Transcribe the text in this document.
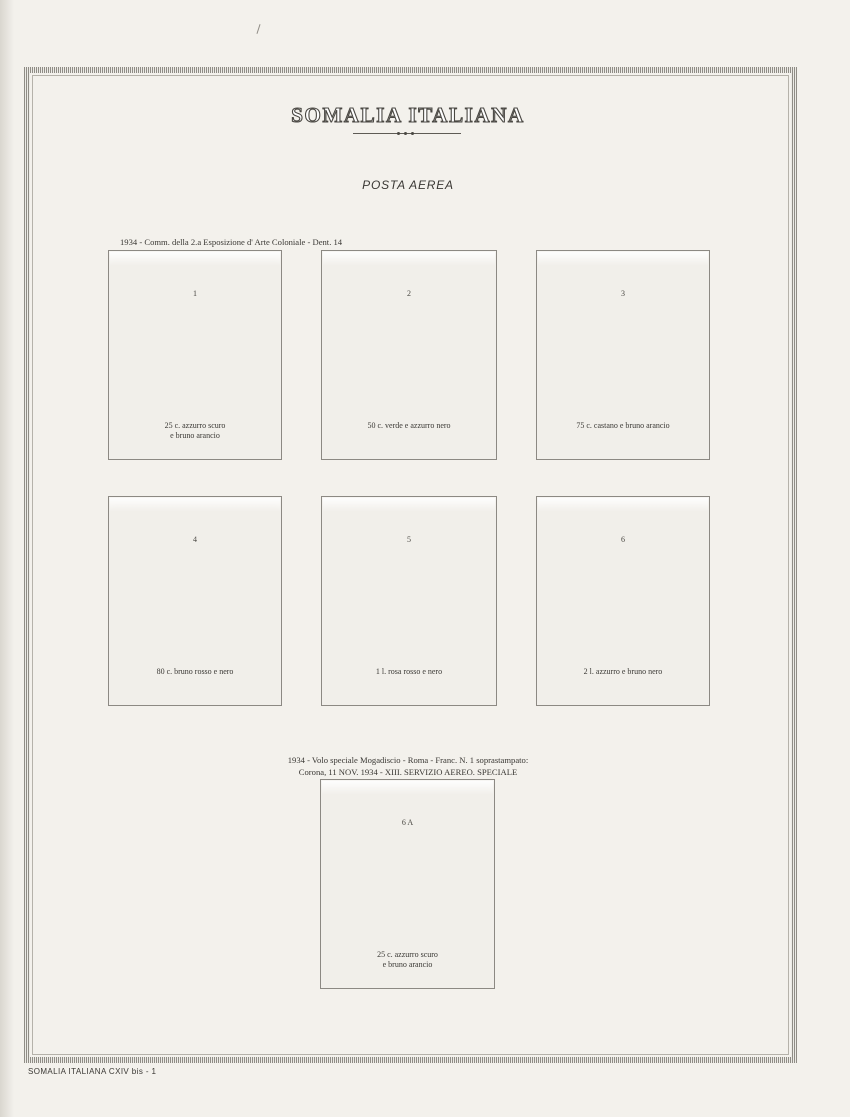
SOMALIA ITALIANA
POSTA AEREA
1934 - Comm. della 2.a Esposizione d' Arte Coloniale - Dent. 14
1
25 c. azzurro scuro
e bruno arancio
2
50 c. verde e azzurro nero
3
75 c. castano e bruno arancio
4
80 c. bruno rosso e nero
5
1 l. rosa rosso e nero
6
2 l. azzurro e bruno nero
1934 - Volo speciale Mogadiscio - Roma - Franc. N. 1 soprastampato:
Corona, 11 NOV. 1934 - XIII. SERVIZIO AEREO. SPECIALE
6 A
25 c. azzurro scuro
e bruno arancio
SOMALIA ITALIANA CXIV bis - 1
